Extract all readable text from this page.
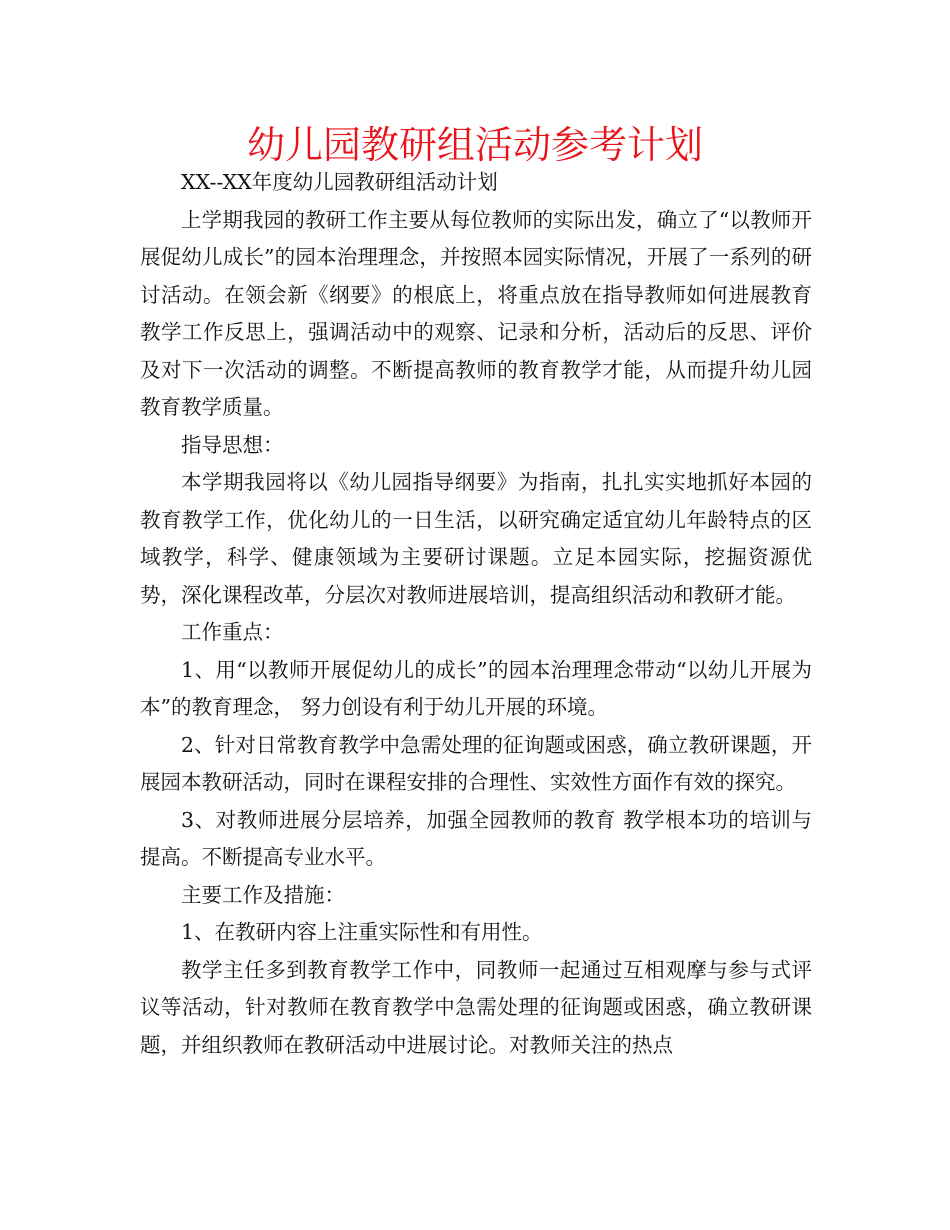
幼儿园教研组活动参考计划

XX--XX年度幼儿园教研组活动计划

上学期我园的教研工作主要从每位教师的实际出发，确立了“以教师开展促幼儿成长”的园本治理理念，并按照本园实际情况，开展了一系列的研讨活动。在领会新《纲要》的根底上，将重点放在指导教师如何进展教育教学工作反思上，强调活动中的观察、记录和分析，活动后的反思、评价及对下一次活动的调整。不断提高教师的教育教学才能，从而提升幼儿园教育教学质量。

指导思想：

本学期我园将以《幼儿园指导纲要》为指南，扎扎实实地抓好本园的教育教学工作，优化幼儿的一日生活，以研究确定适宜幼儿年龄特点的区域教学，科学、健康领域为主要研讨课题。立足本园实际，挖掘资源优势，深化课程改革，分层次对教师进展培训，提高组织活动和教研才能。

工作重点：

1、用“以教师开展促幼儿的成长”的园本治理理念带动“以幼儿开展为本”的教育理念， 努力创设有利于幼儿开展的环境。

2、针对日常教育教学中急需处理的征询题或困惑，确立教研课题，开展园本教研活动，同时在课程安排的合理性、实效性方面作有效的探究。

3、对教师进展分层培养，加强全园教师的教育 教学根本功的培训与提高。不断提高专业水平。

主要工作及措施：

1、在教研内容上注重实际性和有用性。

教学主任多到教育教学工作中，同教师一起通过互相观摩与参与式评议等活动，针对教师在教育教学中急需处理的征询题或困惑，确立教研课题，并组织教师在教研活动中进展讨论。对教师关注的热点
